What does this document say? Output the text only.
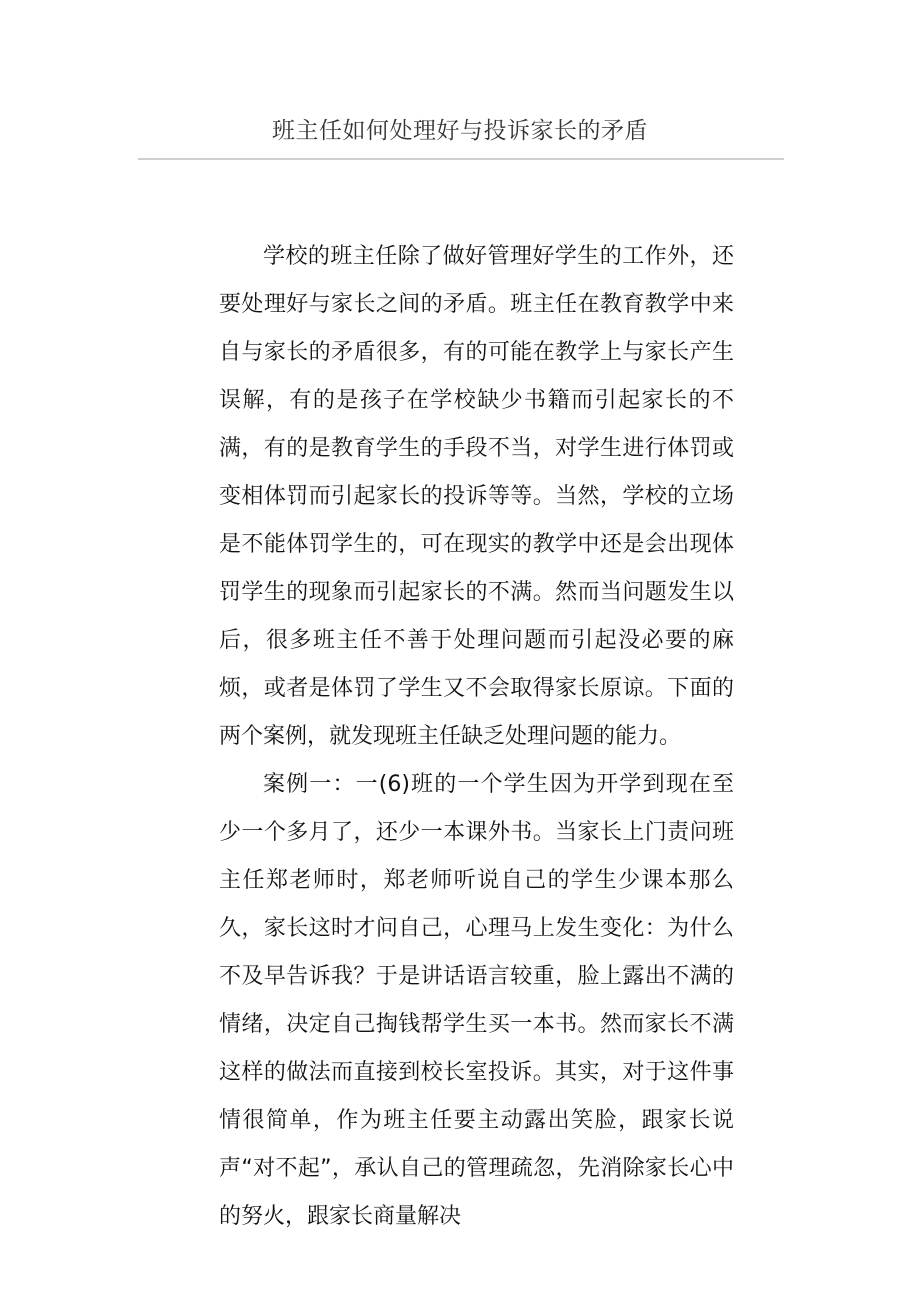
班主任如何处理好与投诉家长的矛盾

学校的班主任除了做好管理好学生的工作外，还要处理好与家长之间的矛盾。班主任在教育教学中来自与家长的矛盾很多，有的可能在教学上与家长产生误解，有的是孩子在学校缺少书籍而引起家长的不满，有的是教育学生的手段不当，对学生进行体罚或变相体罚而引起家长的投诉等等。当然，学校的立场是不能体罚学生的，可在现实的教学中还是会出现体罚学生的现象而引起家长的不满。然而当问题发生以后，很多班主任不善于处理问题而引起没必要的麻烦，或者是体罚了学生又不会取得家长原谅。下面的两个案例，就发现班主任缺乏处理问题的能力。

案例一：一(6)班的一个学生因为开学到现在至少一个多月了，还少一本课外书。当家长上门责问班主任郑老师时，郑老师听说自己的学生少课本那么久，家长这时才问自己，心理马上发生变化：为什么不及早告诉我？于是讲话语言较重，脸上露出不满的情绪，决定自己掏钱帮学生买一本书。然而家长不满这样的做法而直接到校长室投诉。其实，对于这件事情很简单，作为班主任要主动露出笑脸，跟家长说声“对不起”，承认自己的管理疏忽，先消除家长心中的努火，跟家长商量解决
